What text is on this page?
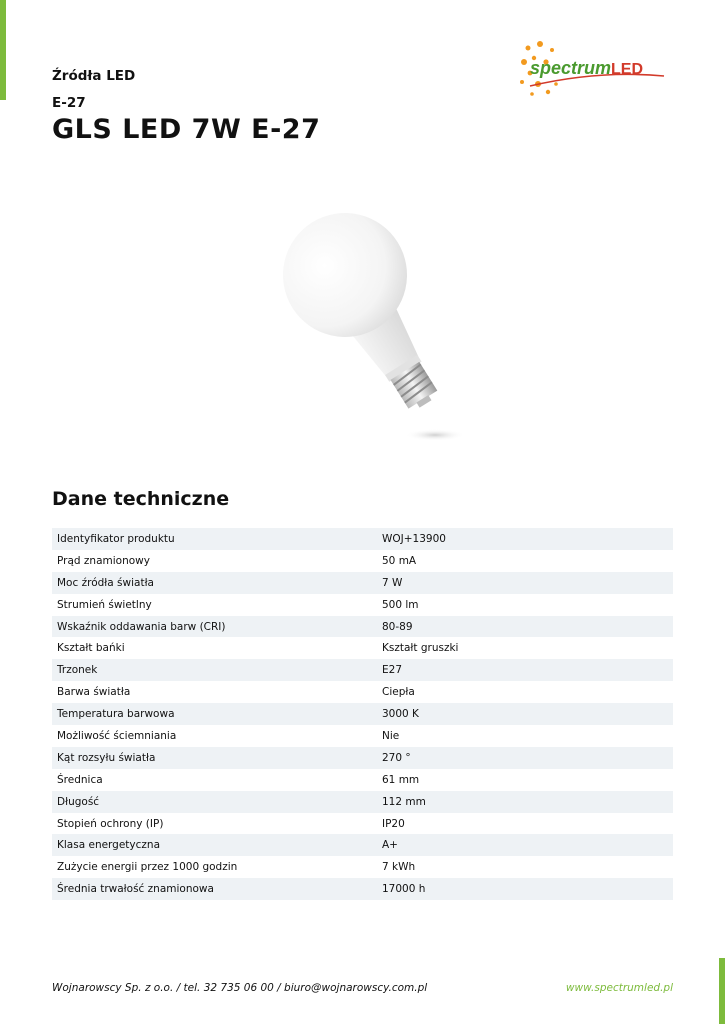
Źródła LED
E-27
GLS LED 7W E-27
spectrumLED
Dane techniczne
Identyfikator produktu	WOJ+13900
Prąd znamionowy	50 mA
Moc źródła światła	7 W
Strumień świetlny	500 lm
Wskaźnik oddawania barw (CRI)	80-89
Kształt bańki	Kształt gruszki
Trzonek	E27
Barwa światła	Ciepła
Temperatura barwowa	3000 K
Możliwość ściemniania	Nie
Kąt rozsyłu światła	270 °
Średnica	61 mm
Długość	112 mm
Stopień ochrony (IP)	IP20
Klasa energetyczna	A+
Zużycie energii przez 1000 godzin	7 kWh
Średnia trwałość znamionowa	17000 h
Wojnarowscy Sp. z o.o. / tel. 32 735 06 00 / biuro@wojnarowscy.com.pl	www.spectrumled.pl
